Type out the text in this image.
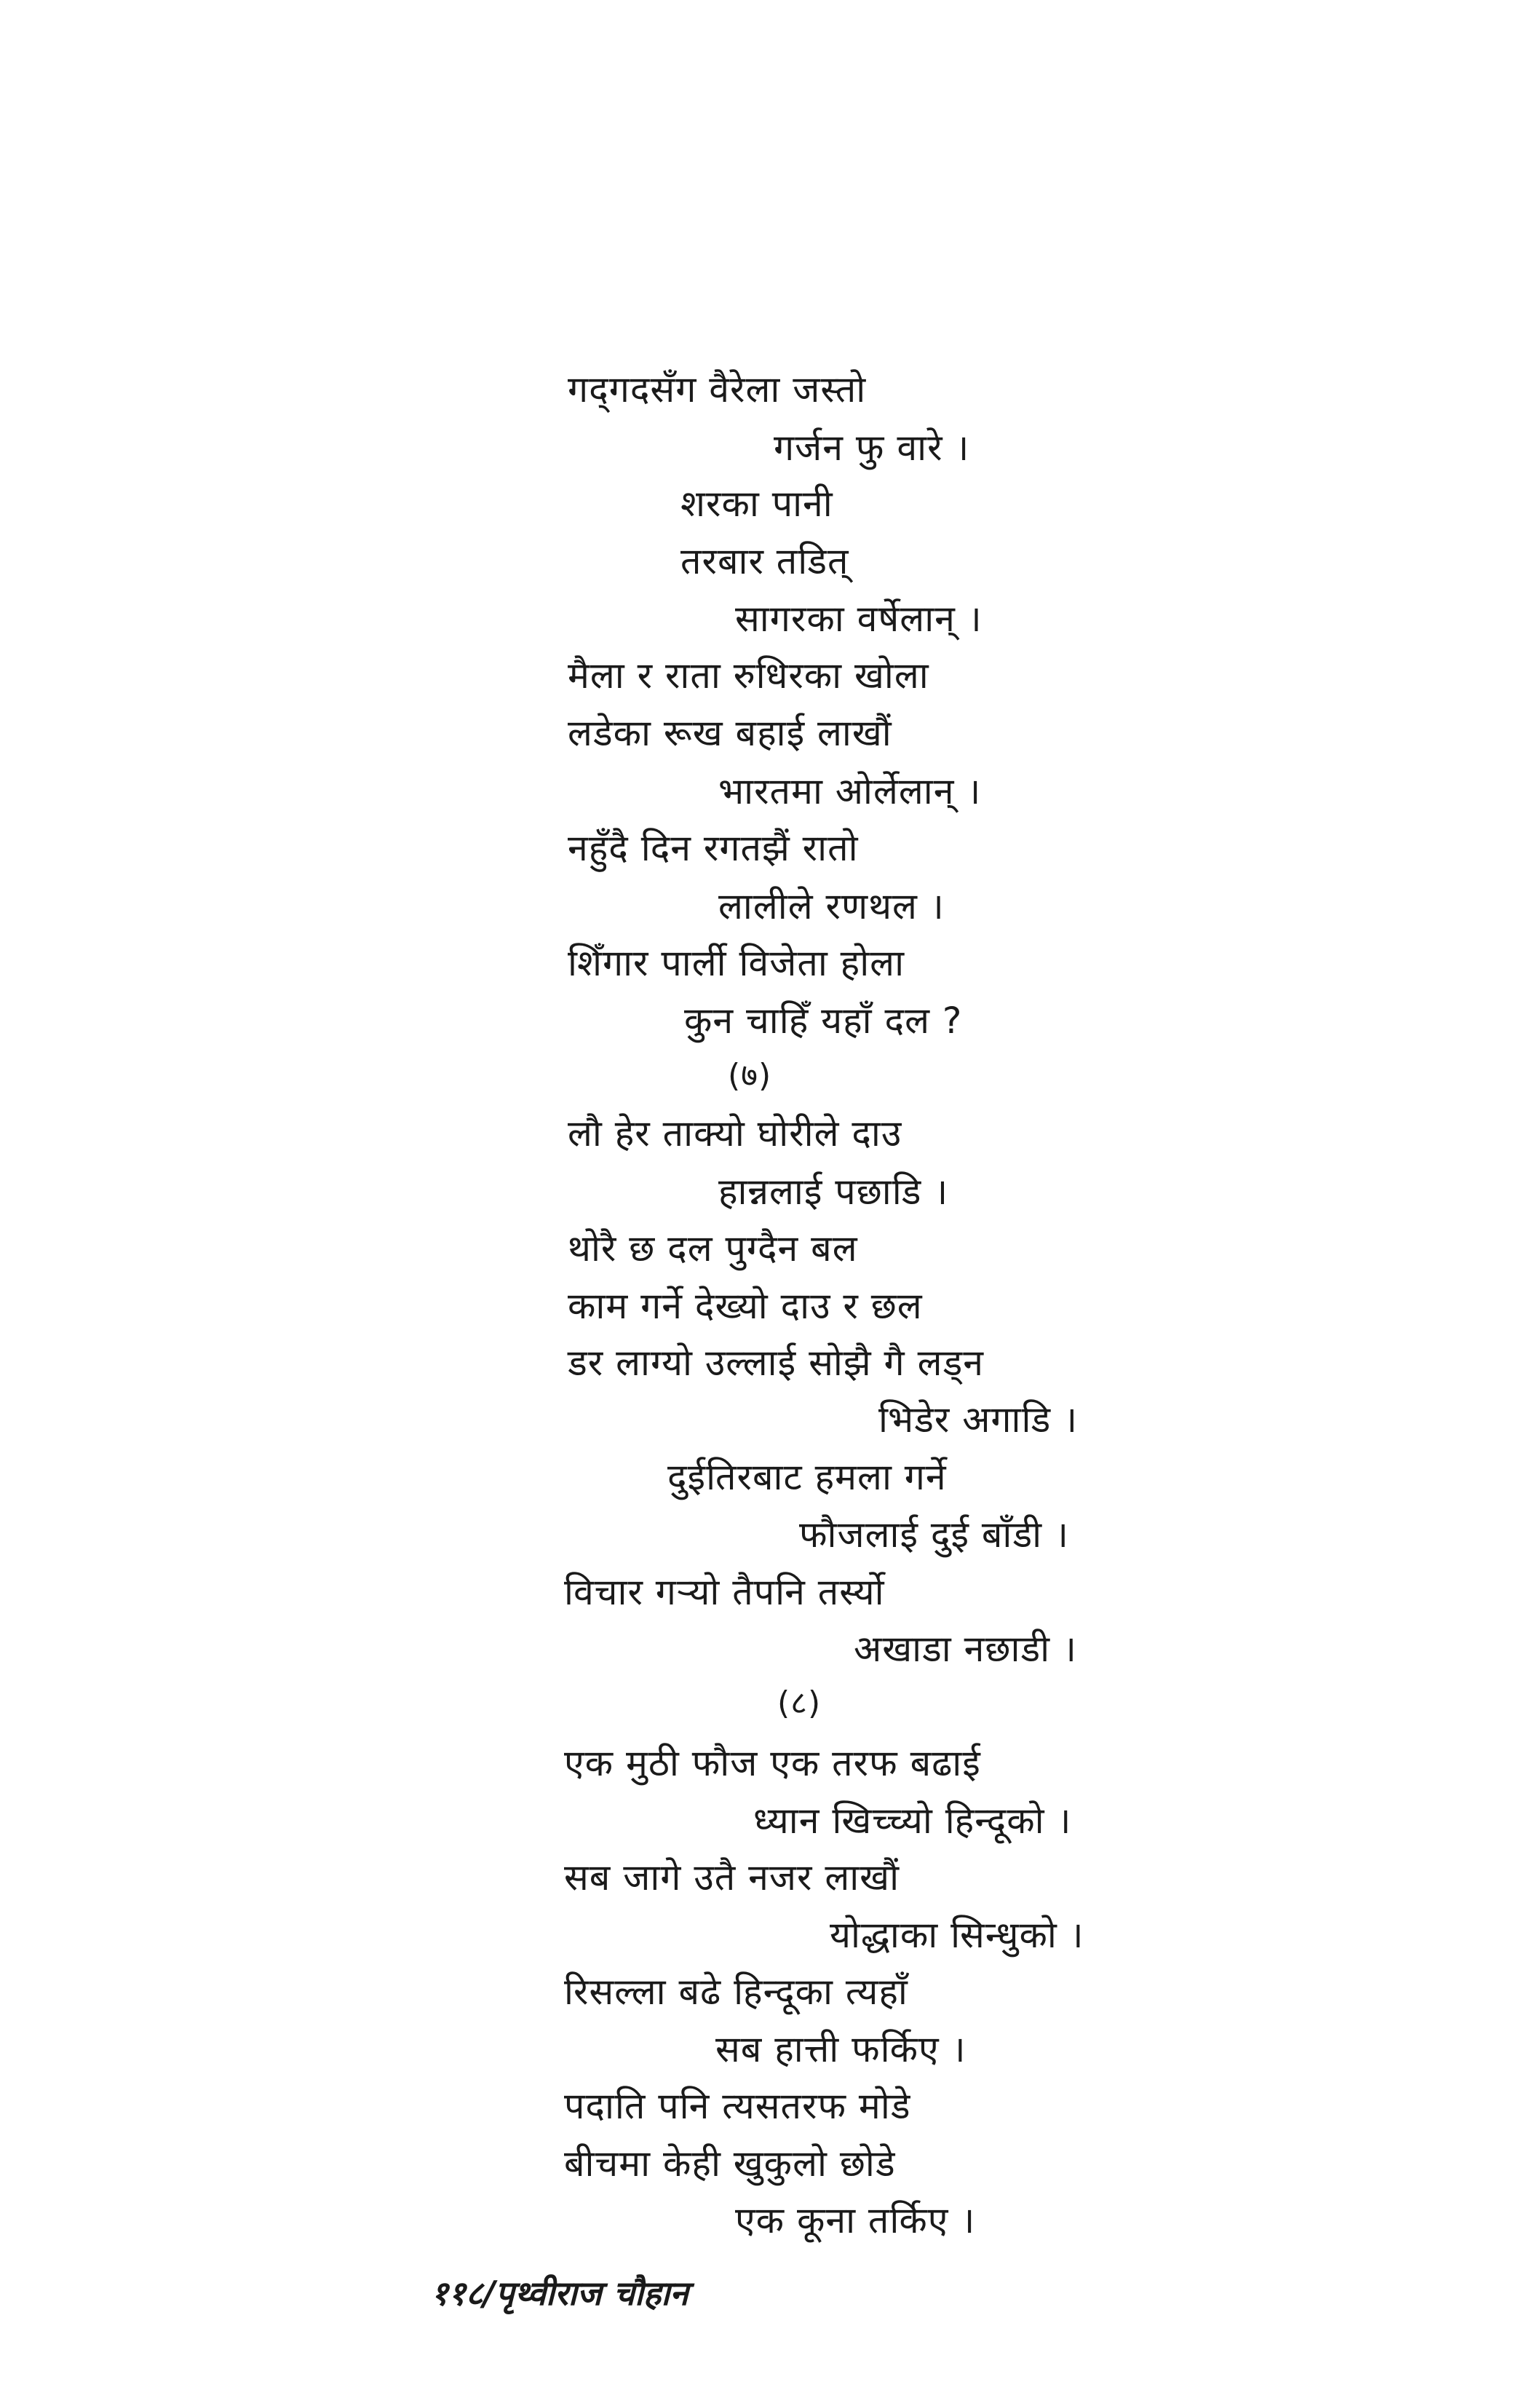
गद्‌गदसँग वैरेला जस्तो
गर्जन फु वारे ।
शरका पानी
तरबार तडित्
सागरका वर्षेलान् ।
मैला र राता रुधिरका खोला
लडेका रूख बहाई लाखौं
भारतमा ओर्लेलान् ।
नहुँदै दिन रगतझैं रातो
लालीले रणथल ।
शिँगार पार्ली विजेता होला
कुन चाहिँ यहाँ दल ?
(७)
लौ हेर ताक्यो घोरीले दाउ
हान्नलाई पछाडि ।
थोरै छ दल पुग्दैन बल
काम गर्ने देख्यो दाउ र छल
डर लाग्यो उल्लाई सोझै गै लड्न
भिडेर अगाडि ।
दुईतिरबाट हमला गर्ने
फौजलाई दुई बाँडी ।
विचार गऱ्यो तैपनि तर्स्यो
अखाडा नछाडी ।
(८)
एक मुठी फौज एक तरफ बढाई
ध्यान खिच्च्यो हिन्दूको ।
सब जागे उतै नजर लाखौं
योद्धाका सिन्धुको ।
रिसल्ला बढे हिन्दूका त्यहाँ
सब हात्ती फर्किए ।
पदाति पनि त्यसतरफ मोडे
बीचमा केही खुकुलो छोडे
एक कूना तर्किए ।
११८/पृथ्वीराज चौहान
